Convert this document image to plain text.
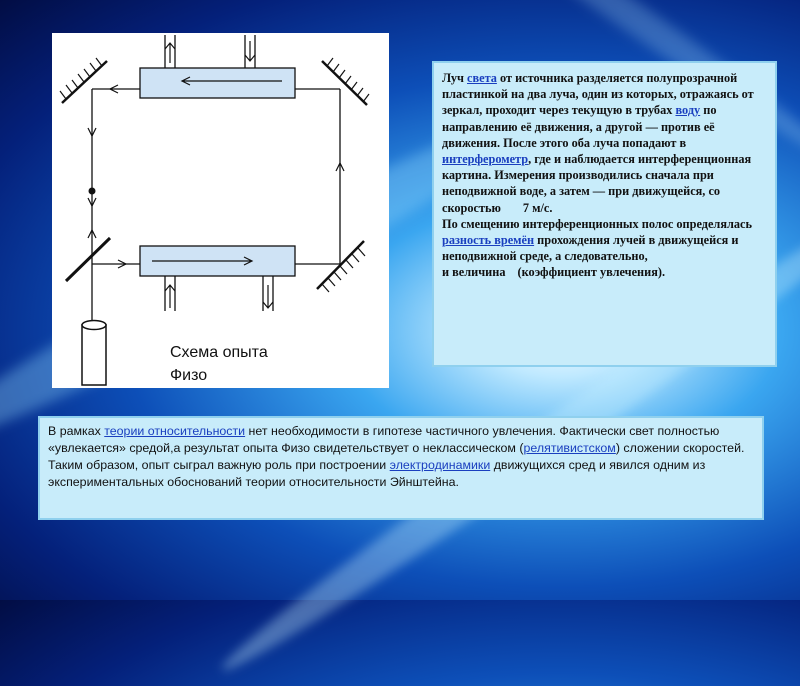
Схема опыта
Физо
Луч света от источника разделяется полупрозрачной пластинкой на два луча, один из которых, отражаясь от зеркал, проходит через текущую в трубах воду по направлению её движения, а другой — против её движения. После этого оба луча попадают в интерферометр, где и наблюдается интерференционная картина. Измерения производились сначала при неподвижной воде, а затем — при движущейся, со скоростью 7 м/с.
По смещению интерференционных полос определялась разность времён прохождения лучей в движущейся и неподвижной среде, а следовательно,
и величина (коэффициент увлечения).
В рамках теории относительности нет необходимости в гипотезе частичного увлечения. Фактически свет полностью «увлекается» средой,а результат опыта Физо свидетельствует о неклассическом (релятивистском) сложении скоростей. Таким образом, опыт сыграл важную роль при построении электродинамики движущихся сред и явился одним из экспериментальных обоснований теории относительности Эйнштейна.
